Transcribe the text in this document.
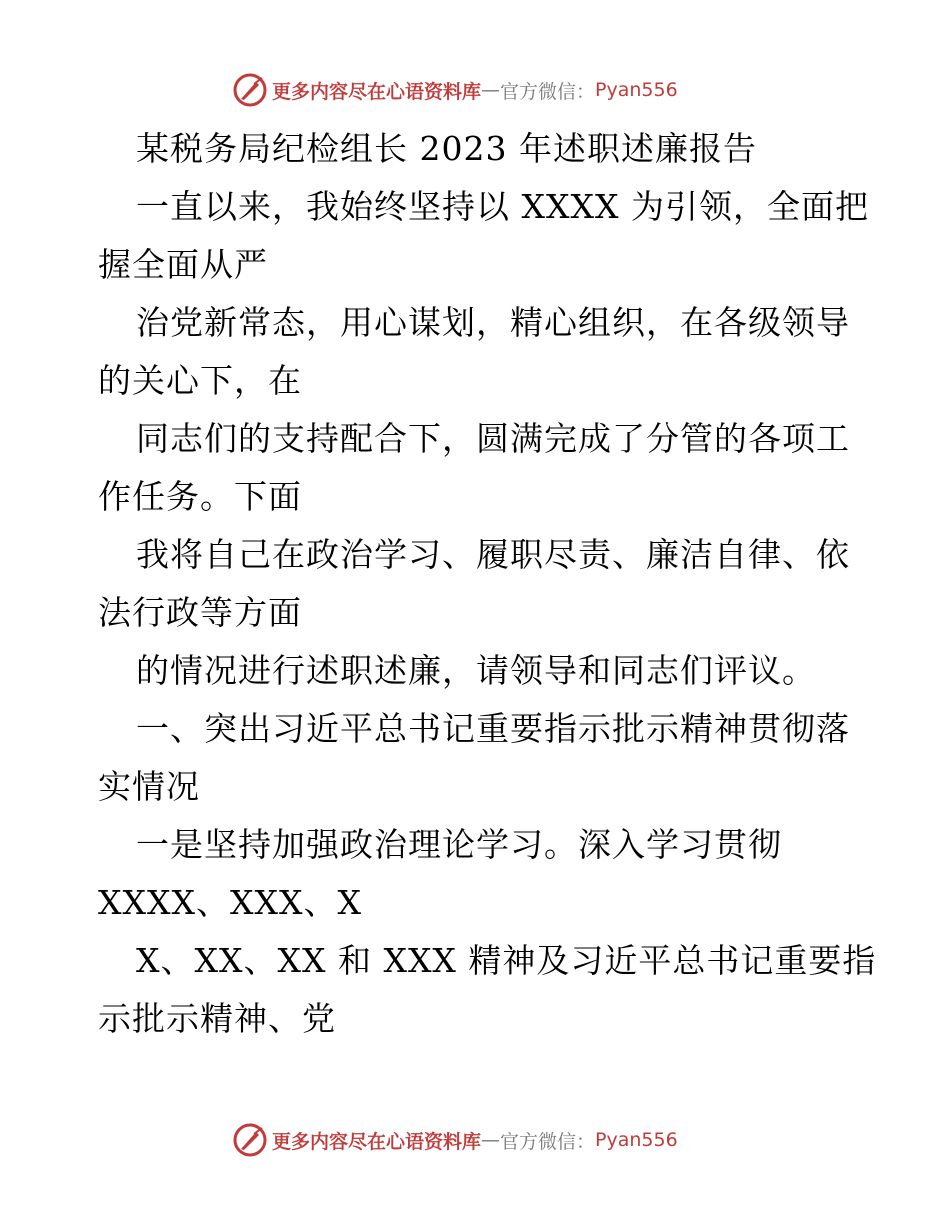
更多内容尽在心语资料库 — 官方微信： Pyan556

某税务局纪检组长 2023 年述职述廉报告

一直以来，我始终坚持以 XXXX 为引领，全面把

握全面从严

治党新常态，用心谋划，精心组织，在各级领导

的关心下，在

同志们的支持配合下，圆满完成了分管的各项工

作任务。下面

我将自己在政治学习、履职尽责、廉洁自律、依

法行政等方面

的情况进行述职述廉，请领导和同志们评议。

一、突出习近平总书记重要指示批示精神贯彻落

实情况

一是坚持加强政治理论学习。深入学习贯彻

XXXX、XXX、X

X、XX、XX 和 XXX 精神及习近平总书记重要指

示批示精神、党

更多内容尽在心语资料库 — 官方微信： Pyan556
